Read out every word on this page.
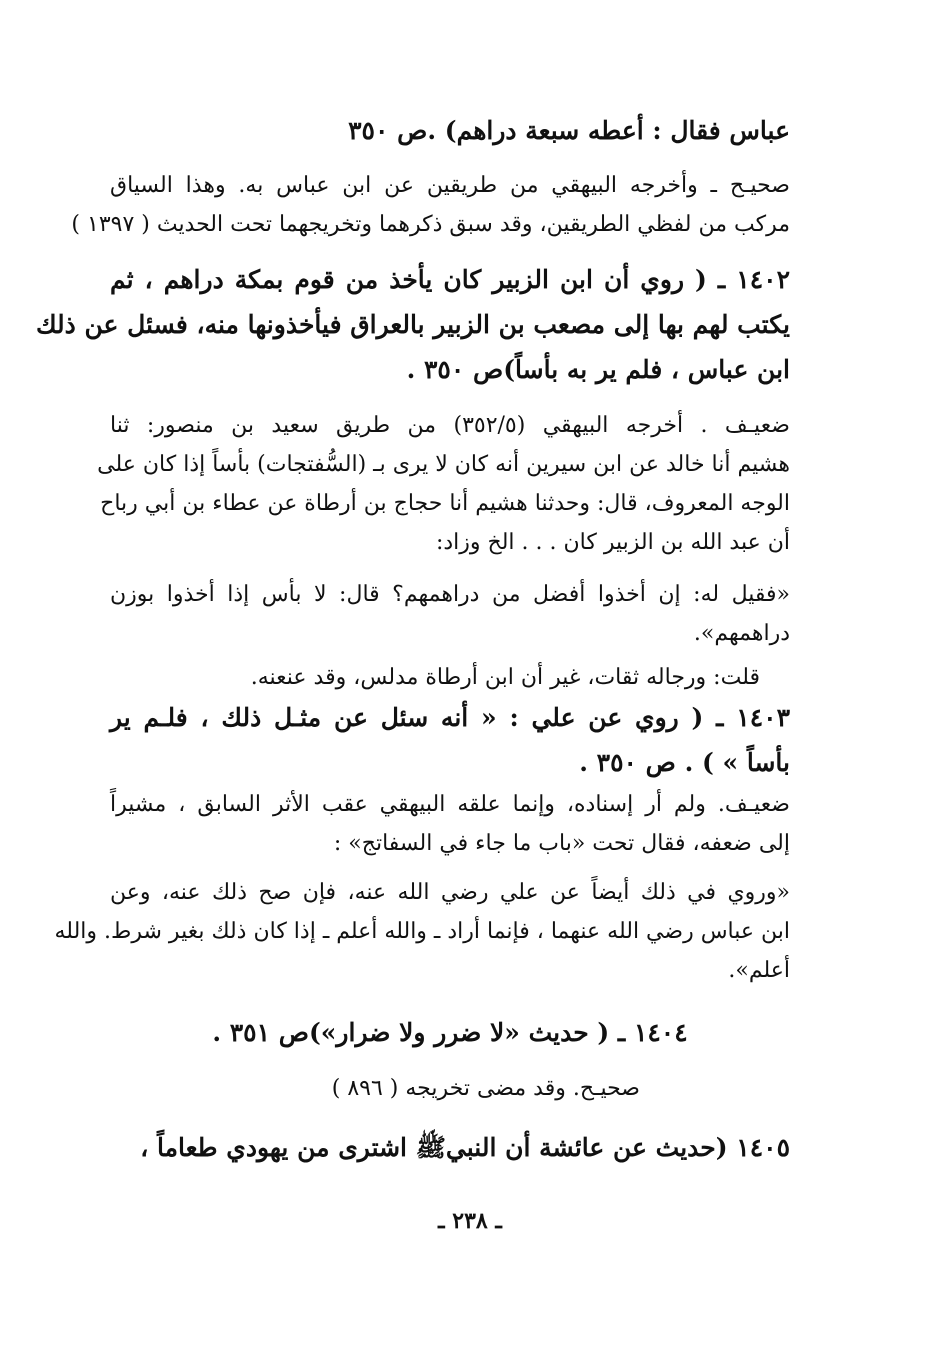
عباس فقال : أعطه سبعة دراهم) .ص ٣٥٠
صحيـح ـ وأخرجه البيهقي من طريقين عن ابن عباس به. وهذا السياق
مركب من لفظي الطريقين، وقد سبق ذكرهما وتخريجهما تحت الحديث ( ١٣٩٧ )
١٤٠٢ ـ ( روي أن ابن الزبير كان يأخذ من قوم بمكة دراهم ، ثم
يكتب لهم بها إلى مصعب بن الزبير بالعراق فيأخذونها منه، فسئل عن ذلك
ابن عباس ، فلم ير به بأساً)ص ٣٥٠ .
ضعيـف . أخرجه البيهقي (٣٥٢/٥) من طريق سعيد بن منصور: ثنا
هشيم أنا خالد عن ابن سيرين أنه كان لا يرى بـ (السُّفتجات) بأساً إذا كان على
الوجه المعروف، قال: وحدثنا هشيم أنا حجاج بن أرطاة عن عطاء بن أبي رباح
أن عبد الله بن الزبير كان . . . الخ وزاد:
«فقيل له: إن أخذوا أفضل من دراهمهم؟ قال: لا بأس إذا أخذوا بوزن
دراهمهم».
قلت: ورجاله ثقات، غير أن ابن أرطاة مدلس، وقد عنعنه.
١٤٠٣ ـ ( روي عن علي : « أنه سئل عن مثـل ذلك ، فلـم ير
بأساً » ) . ص ٣٥٠ .
ضعيـف. ولم أر إسناده، وإنما علقه البيهقي عقب الأثر السابق ، مشيراً
إلى ضعفه، فقال تحت «باب ما جاء في السفاتج» :
«وروي في ذلك أيضاً عن علي رضي الله عنه، فإن صح ذلك عنه، وعن
ابن عباس رضي الله عنهما ، فإنما أراد ـ والله أعلم ـ إذا كان ذلك بغير شرط. والله
أعلم».
١٤٠٤ ـ ( حديث «لا ضرر ولا ضرار»)ص ٣٥١ .
صحيـح. وقد مضى تخريجه ( ٨٩٦ )
١٤٠٥ (حديث عن عائشة أن النبيﷺ اشترى من يهودي طعاماً ،
ـ ٢٣٨ ـ
